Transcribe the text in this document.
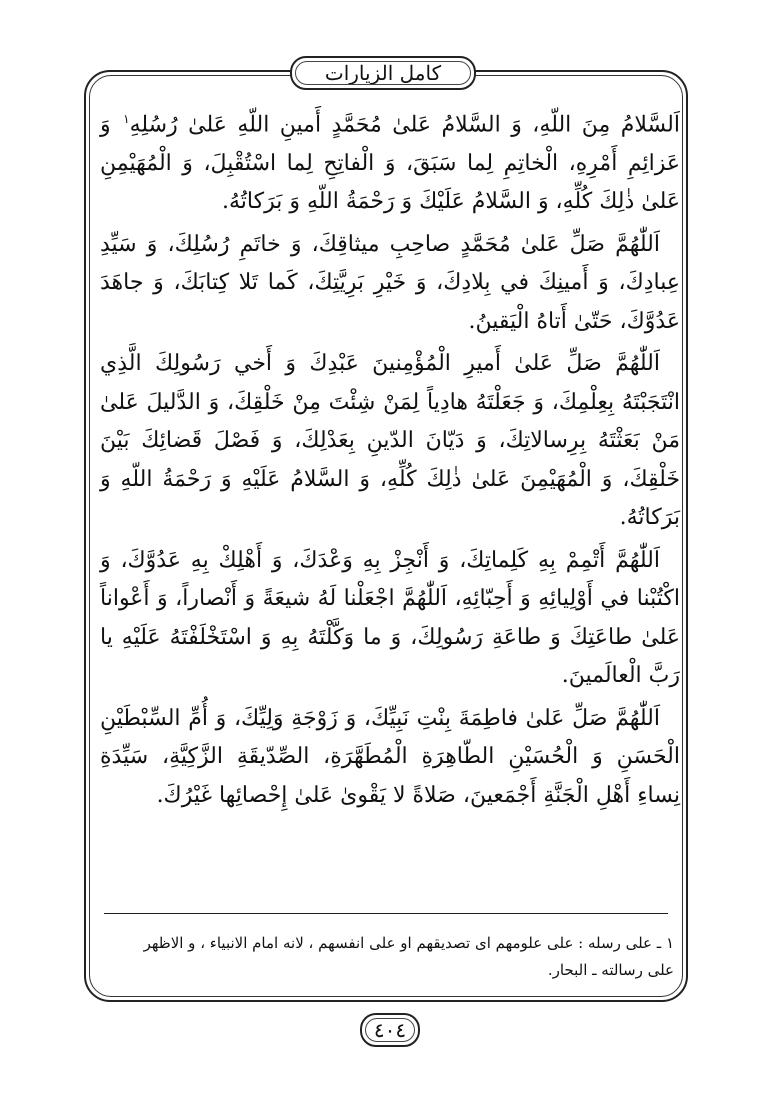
كامل الزيارات

اَلسَّلامُ مِنَ اللّهِ، وَ السَّلامُ عَلىٰ مُحَمَّدٍ أَمينِ اللّهِ عَلىٰ رُسُلِهِ$^١$ وَ عَزائِمِ أَمْرِهِ، الْخاتِمِ لِما سَبَقَ، وَ الْفاتِحِ لِما اسْتُقْبِلَ، وَ الْمُهَيْمِنِ عَلىٰ ذٰلِكَ كُلِّهِ، وَ السَّلامُ عَلَيْكَ وَ رَحْمَةُ اللّهِ وَ بَرَكاتُهُ.

اَللّٰهُمَّ صَلِّ عَلىٰ مُحَمَّدٍ صاحِبِ ميثاقِكَ، وَ خاتَمِ رُسُلِكَ، وَ سَيِّدِ عِبادِكَ، وَ أَمينِكَ في بِلادِكَ، وَ خَيْرِ بَرِيَّتِكَ، كَما تَلا كِتابَكَ، وَ جاهَدَ عَدُوَّكَ، حَتّىٰ أَتاهُ الْيَقينُ.

اَللّٰهُمَّ صَلِّ عَلىٰ أَميرِ الْمُؤْمِنينَ عَبْدِكَ وَ أَخي رَسُولِكَ الَّذِي انْتَجَبْتَهُ بِعِلْمِكَ، وَ جَعَلْتَهُ هادِياً لِمَنْ شِئْتَ مِنْ خَلْقِكَ، وَ الدَّليلَ عَلىٰ مَنْ بَعَثْتَهُ بِرِسالاتِكَ، وَ دَيّانَ الدّينِ بِعَدْلِكَ، وَ فَصْلَ قَضائِكَ بَيْنَ خَلْقِكَ، وَ الْمُهَيْمِنَ عَلىٰ ذٰلِكَ كُلِّهِ، وَ السَّلامُ عَلَيْهِ وَ رَحْمَةُ اللّهِ وَ بَرَكاتُهُ.

اَللّٰهُمَّ أَتْمِمْ بِهِ كَلِماتِكَ، وَ أَنْجِزْ بِهِ وَعْدَكَ، وَ أَهْلِكْ بِهِ عَدُوَّكَ، وَ اكْتُبْنا في أَوْلِيائِهِ وَ أَحِبّائِهِ، اَللّٰهُمَّ اجْعَلْنا لَهُ شيعَةً وَ أَنْصاراً، وَ أَعْواناً عَلىٰ طاعَتِكَ وَ طاعَةِ رَسُولِكَ، وَ ما وَكَّلْتَهُ بِهِ وَ اسْتَخْلَفْتَهُ عَلَيْهِ يا رَبَّ الْعالَمينَ.

اَللّٰهُمَّ صَلِّ عَلىٰ فاطِمَةَ بِنْتِ نَبِيِّكَ، وَ زَوْجَةِ وَلِيِّكَ، وَ أُمِّ السِّبْطَيْنِ الْحَسَنِ وَ الْحُسَيْنِ الطّاهِرَةِ الْمُطَهَّرَةِ، الصِّدّيقَةِ الزَّكِيَّةِ، سَيِّدَةِ نِساءِ أَهْلِ الْجَنَّةِ أَجْمَعينَ، صَلاةً لا يَقْوىٰ عَلىٰ إِحْصائِها غَيْرُكَ.

١ ـ على رسله : على علومهم اى تصديقهم او على انفسهم ، لانه امام الانبياء ، و الاظهر
على رسالته ـ البحار.
٤٠٤
